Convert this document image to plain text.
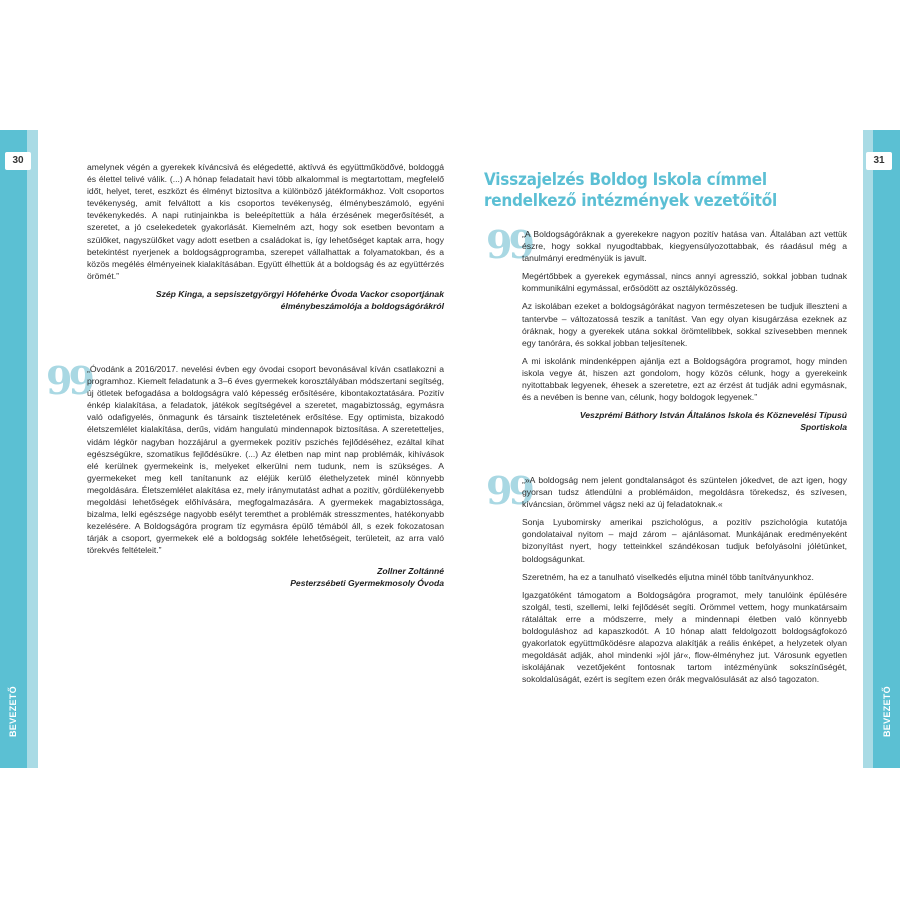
30
BEVEZETŐ

amelynek végén a gyerekek kíváncsivá és elégedetté, aktívvá és együttműködővé, boldoggá és élettel telivé válik. (...) A hónap feladatait havi több alkalommal is megtartottam, megfelelő időt, helyet, teret, eszközt és élményt biztosítva a különböző játékformákhoz. Volt csoportos tevékenység, amit felváltott a kis csoportos tevékenység, élménybeszámoló, egyéni tevékenykedés. A napi rutinjainkba is beleépítettük a hála érzésének megerősítését, a szeretet, a jó cselekedetek gyakorlását. Kiemelném azt, hogy sok esetben bevontam a szülőket, nagyszülőket vagy adott esetben a családokat is, így lehetőséget kaptak arra, hogy betekintést nyerjenek a boldogságprogramba, szerepet vállalhattak a folyamatokban, és a közös megélés élményeinek kialakításában. Együtt élhettük át a boldogság és az együttérzés örömét.”

Szép Kinga, a sepsiszetgyörgyi Hófehérke Óvoda Vackor csoportjának
élménybeszámolója a boldogságórákról
99

„Óvodánk a 2016/2017. nevelési évben egy óvodai csoport bevonásával kíván csatlakozni a programhoz. Kiemelt feladatunk a 3–6 éves gyermekek korosztályában módszertani segítség, új ötletek befogadása a boldogságra való képesség erősítésére, kibontakoztatására. Pozitív énkép kialakítása, a feladatok, játékok segítségével a szeretet, magabiztosság, egymásra való odafigyelés, önmagunk és társaink tiszteletének erősítése. Egy optimista, bizakodó életszemlélet kialakítása, derűs, vidám hangulatú mindennapok biztosítása. A szeretetteljes, vidám légkör nagyban hozzájárul a gyermekek pozitív pszichés fejlődéséhez, ezáltal kihat egészségükre, szomatikus fejlődésükre. (...) Az életben nap mint nap problémák, kihívások elé kerülnek gyermekeink is, melyeket elkerülni nem tudunk, nem is szükséges. A gyermekeket meg kell tanítanunk az eléjük kerülő élethelyzetek minél könnyebb megoldására. Életszemlélet alakítása ez, mely iránymutatást adhat a pozitív, gördülékenyebb megoldási lehetőségek előhívására, megfogalmazására. A gyermekek magabiztossága, bizalma, lelki egészsége nagyobb esélyt teremthet a problémák stresszmentes, hatékonyabb kezelésére. A Boldogságóra program tíz egymásra épülő témából áll, s ezek fokozatosan tárják a csoport, gyermekek elé a boldogság sokféle lehetőségeit, területeit, az arra való törekvés feltételeit.”

Zollner Zoltánné
Pesterzsébeti Gyermekmosoly Óvoda
31
BEVEZETŐ
Visszajelzés Boldog Iskola címmel rendelkező intézmények vezetőitől
99

„A Boldogságóráknak a gyerekekre nagyon pozitív hatása van. Általában azt vettük észre, hogy sokkal nyugodtabbak, kiegyensúlyozottabbak, és ráadásul még a tanulmányi eredményük is javult.

Megértőbbek a gyerekek egymással, nincs annyi agresszió, sokkal jobban tudnak kommunikálni egymással, erősödött az osztályközösség.

Az iskolában ezeket a boldogságórákat nagyon természetesen be tudjuk illeszteni a tantervbe – változatossá teszik a tanítást. Van egy olyan kisugárzása ezeknek az óráknak, hogy a gyerekek utána sokkal örömtelibbek, sokkal szívesebben mennek egy tanórára, és sokkal jobban teljesítenek.

A mi iskolánk mindenképpen ajánlja ezt a Boldogságóra programot, hogy minden iskola vegye át, hiszen azt gondolom, hogy közös célunk, hogy a gyerekeink nyitottabbak legyenek, éhesek a szeretetre, ezt az érzést át tudják adni egymásnak, és a nevében is benne van, célunk, hogy boldogok legyenek.”

Veszprémi Báthory István Általános Iskola és Köznevelési Típusú
Sportiskola
99

„»A boldogság nem jelent gondtalanságot és szüntelen jókedvet, de azt igen, hogy gyorsan tudsz átlendülni a problémáidon, megoldásra törekedsz, és szívesen, kíváncsian, örömmel vágsz neki az új feladatoknak.«

Sonja Lyubomirsky amerikai pszichológus, a pozitív pszichológia kutatója gondolataival nyitom – majd zárom – ajánlásomat. Munkájának eredményeként bizonyítást nyert, hogy tetteinkkel szándékosan tudjuk befolyásolni jólétünket, boldogságunkat.

Szeretném, ha ez a tanulható viselkedés eljutna minél több tanítványunkhoz.

Igazgatóként támogatom a Boldogságóra programot, mely tanulóink épülésére szolgál, testi, szellemi, lelki fejlődését segíti. Örömmel vettem, hogy munkatársaim rátaláltak erre a módszerre, mely a mindennapi életben való könnyebb boldoguláshoz ad kapaszkodót. A 10 hónap alatt feldolgozott boldogságfokozó gyakorlatok együttműködésre alapozva alakítják a reális énképet, a helyzetek olyan megoldását adják, ahol mindenki »jól jár«, flow-élményhez jut. Városunk egyetlen iskolájának vezetőjeként fontosnak tartom intézményünk sokszínűségét, sokoldalúságát, ezért is segítem ezen órák megvalósulását az alsó tagozaton.
